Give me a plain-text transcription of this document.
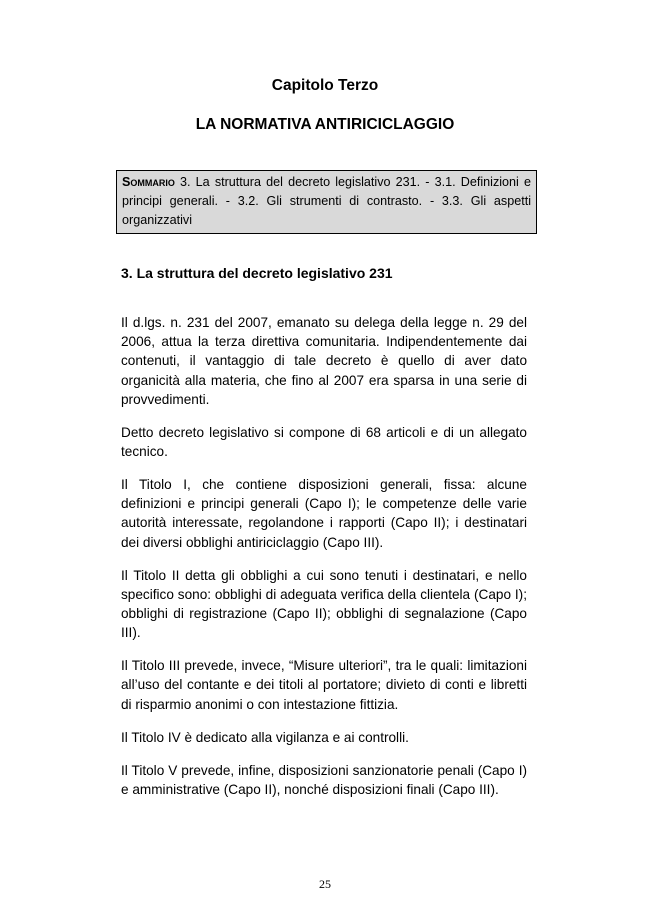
Capitolo Terzo
LA NORMATIVA ANTIRICICLAGGIO
Sommario 3. La struttura del decreto legislativo 231. - 3.1. Definizioni e principi generali. - 3.2. Gli strumenti di contrasto. - 3.3. Gli aspetti organizzativi
3. La struttura del decreto legislativo 231

Il d.lgs. n. 231 del 2007, emanato su delega della legge n. 29 del 2006, attua la terza direttiva comunitaria. Indipendentemente dai contenuti, il vantaggio di tale decreto è quello di aver dato organicità alla materia, che fino al 2007 era sparsa in una serie di provvedimenti.

Detto decreto legislativo si compone di 68 articoli e di un allegato tecnico.

Il Titolo I, che contiene disposizioni generali, fissa: alcune definizioni e principi generali (Capo I); le competenze delle varie autorità interessate, regolandone i rapporti (Capo II); i destinatari dei diversi obblighi antiriciclaggio (Capo III).

Il Titolo II detta gli obblighi a cui sono tenuti i destinatari, e nello specifico sono: obblighi di adeguata verifica della clientela (Capo I); obblighi di registrazione (Capo II); obblighi di segnalazione (Capo III).

Il Titolo III prevede, invece, “Misure ulteriori”, tra le quali: limitazioni all’uso del contante e dei titoli al portatore; divieto di conti e libretti di risparmio anonimi o con intestazione fittizia.

Il Titolo IV è dedicato alla vigilanza e ai controlli.

Il Titolo V prevede, infine, disposizioni sanzionatorie penali (Capo I) e amministrative (Capo II), nonché disposizioni finali (Capo III).

25
